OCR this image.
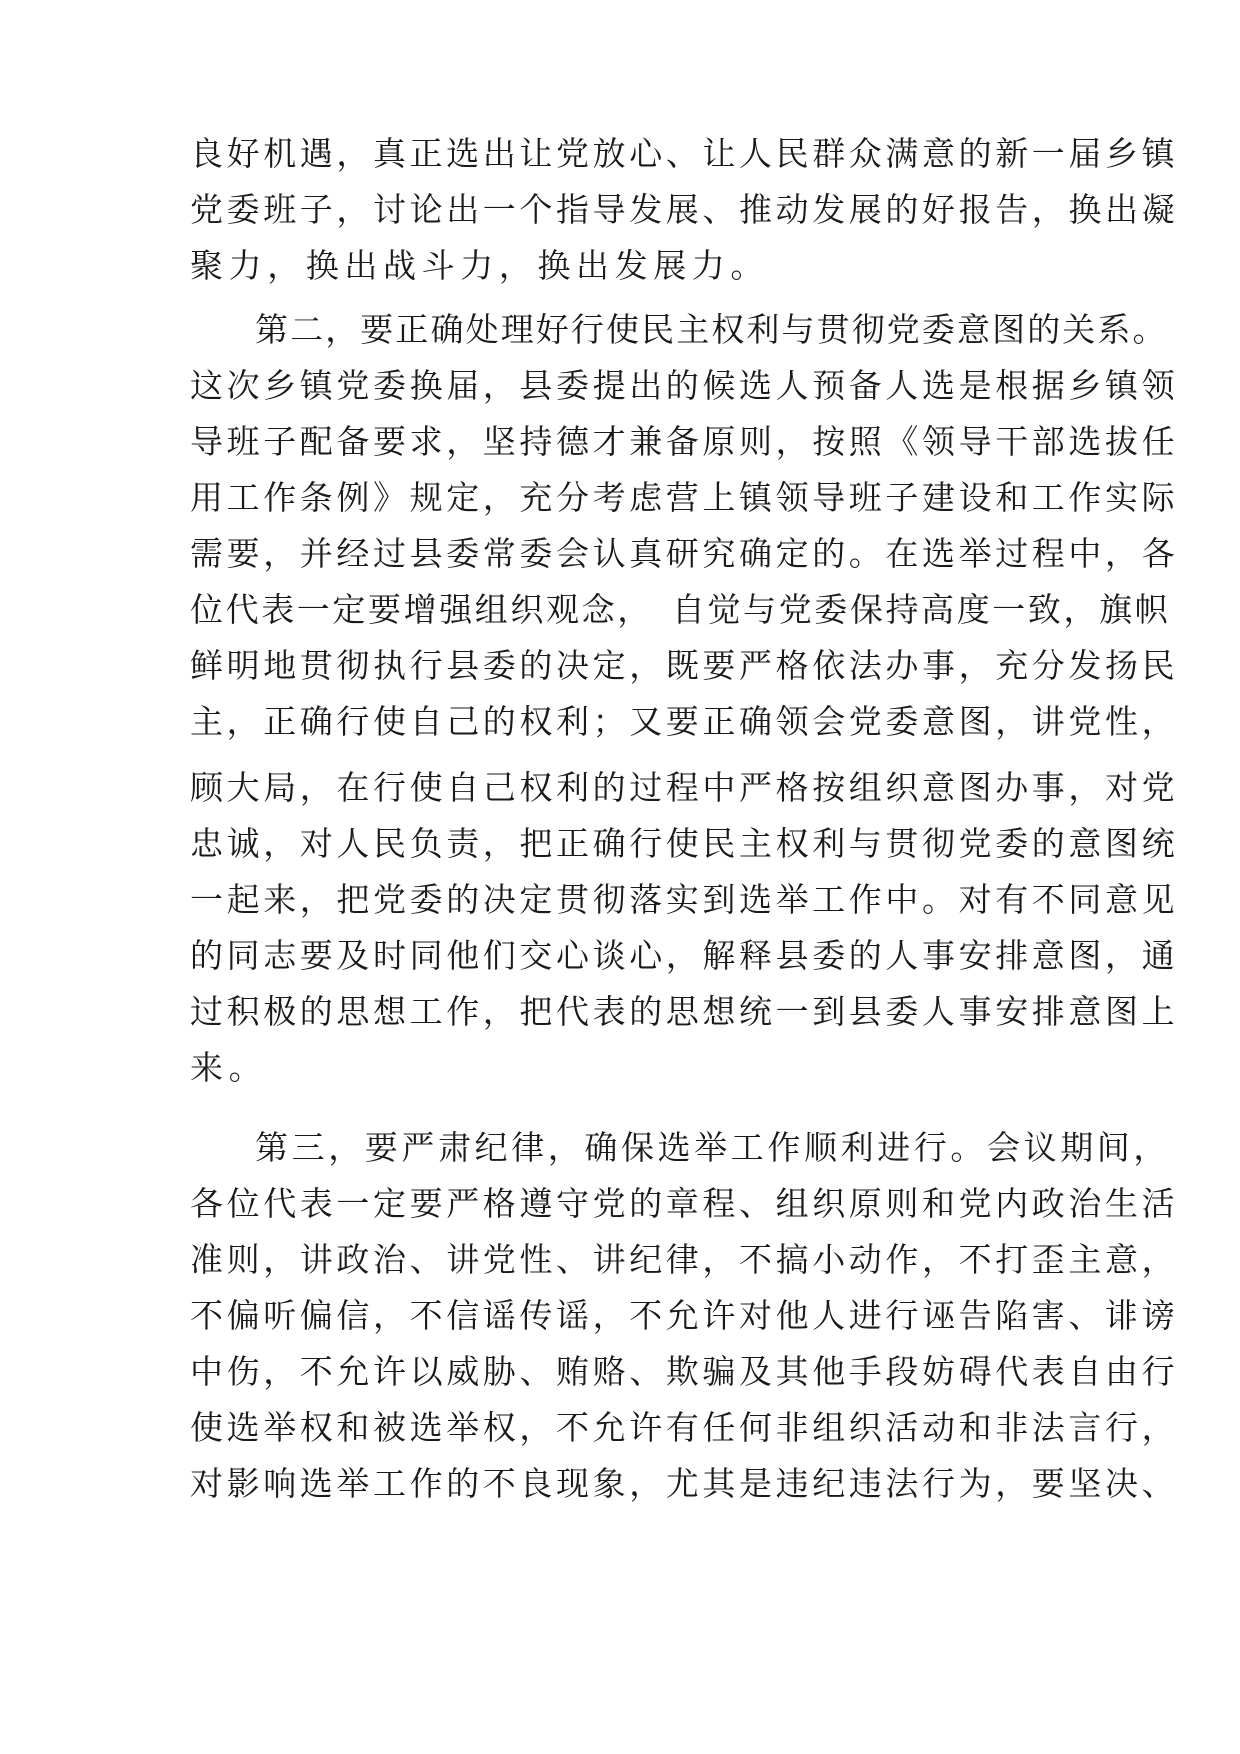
良好机遇，真正选出让党放心、让人民群众满意的新一届乡镇
党委班子，讨论出一个指导发展、推动发展的好报告，换出凝
聚力，换出战斗力，换出发展力。
第二，要正确处理好行使民主权利与贯彻党委意图的关系。
这次乡镇党委换届，县委提出的候选人预备人选是根据乡镇领
导班子配备要求，坚持德才兼备原则，按照《领导干部选拔任
用工作条例》规定，充分考虑营上镇领导班子建设和工作实际
需要，并经过县委常委会认真研究确定的。在选举过程中，各
位代表一定要增强组织观念，　自觉与党委保持高度一致，旗帜
鲜明地贯彻执行县委的决定，既要严格依法办事，充分发扬民
主，正确行使自己的权利；又要正确领会党委意图，讲党性，
顾大局，在行使自己权利的过程中严格按组织意图办事，对党
忠诚，对人民负责，把正确行使民主权利与贯彻党委的意图统
一起来，把党委的决定贯彻落实到选举工作中。对有不同意见
的同志要及时同他们交心谈心，解释县委的人事安排意图，通
过积极的思想工作，把代表的思想统一到县委人事安排意图上
来。
第三，要严肃纪律，确保选举工作顺利进行。会议期间，
各位代表一定要严格遵守党的章程、组织原则和党内政治生活
准则，讲政治、讲党性、讲纪律，不搞小动作，不打歪主意，
不偏听偏信，不信谣传谣，不允许对他人进行诬告陷害、诽谤
中伤，不允许以威胁、贿赂、欺骗及其他手段妨碍代表自由行
使选举权和被选举权，不允许有任何非组织活动和非法言行，
对影响选举工作的不良现象，尤其是违纪违法行为，要坚决、
